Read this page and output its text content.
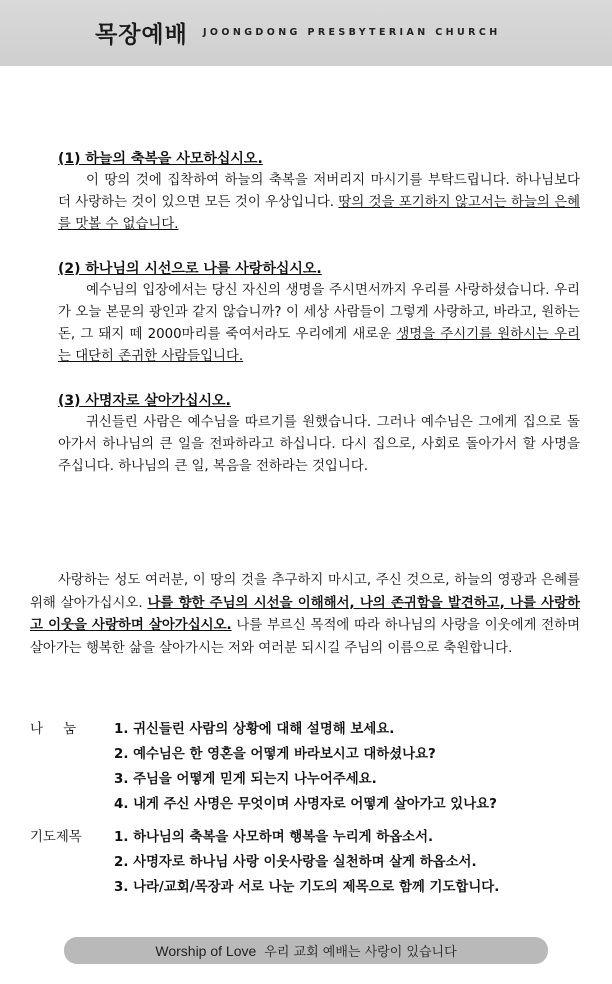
목장예배 JOONGDONG PRESBYTERIAN CHURCH
(1) 하늘의 축복을 사모하십시오.

이 땅의 것에 집착하여 하늘의 축복을 저버리지 마시기를 부탁드립니다. 하나님보다 더 사랑하는 것이 있으면 모든 것이 우상입니다. 땅의 것을 포기하지 않고서는 하늘의 은혜를 맛볼 수 없습니다.

(2) 하나님의 시선으로 나를 사랑하십시오.

예수님의 입장에서는 당신 자신의 생명을 주시면서까지 우리를 사랑하셨습니다. 우리가 오늘 본문의 광인과 같지 않습니까? 이 세상 사람들이 그렇게 사랑하고, 바라고, 원하는 돈, 그 돼지 떼 2000마리를 죽여서라도 우리에게 새로운 생명을 주시기를 원하시는 우리는 대단히 존귀한 사람들입니다.

(3) 사명자로 살아가십시오.

귀신들린 사람은 예수님을 따르기를 원했습니다. 그러나 예수님은 그에게 집으로 돌아가서 하나님의 큰 일을 전파하라고 하십니다. 다시 집으로, 사회로 돌아가서 할 사명을 주십니다. 하나님의 큰 일, 복음을 전하라는 것입니다.

사랑하는 성도 여러분, 이 땅의 것을 추구하지 마시고, 주신 것으로, 하늘의 영광과 은혜를 위해 살아가십시오. 나를 향한 주님의 시선을 이해해서, 나의 존귀함을 발견하고, 나를 사랑하고 이웃을 사랑하며 살아가십시오. 나를 부르신 목적에 따라 하나님의 사랑을 이웃에게 전하며 살아가는 행복한 삶을 살아가시는 저와 여러분 되시길 주님의 이름으로 축원합니다.

나 눔	1. 귀신들린 사람의 상황에 대해 설명해 보세요.
2. 예수님은 한 영혼을 어떻게 바라보시고 대하셨나요?
3. 주님을 어떻게 믿게 되는지 나누어주세요.
4. 내게 주신 사명은 무엇이며 사명자로 어떻게 살아가고 있나요?
기도제목 1. 하나님의 축복을 사모하며 행복을 누리게 하옵소서.
2. 사명자로 하나님 사랑 이웃사랑을 실천하며 살게 하옵소서.
3. 나라/교회/목장과 서로 나눈 기도의 제목으로 함께 기도합니다.
Worship of Love 우리 교회 예배는 사랑이 있습니다
